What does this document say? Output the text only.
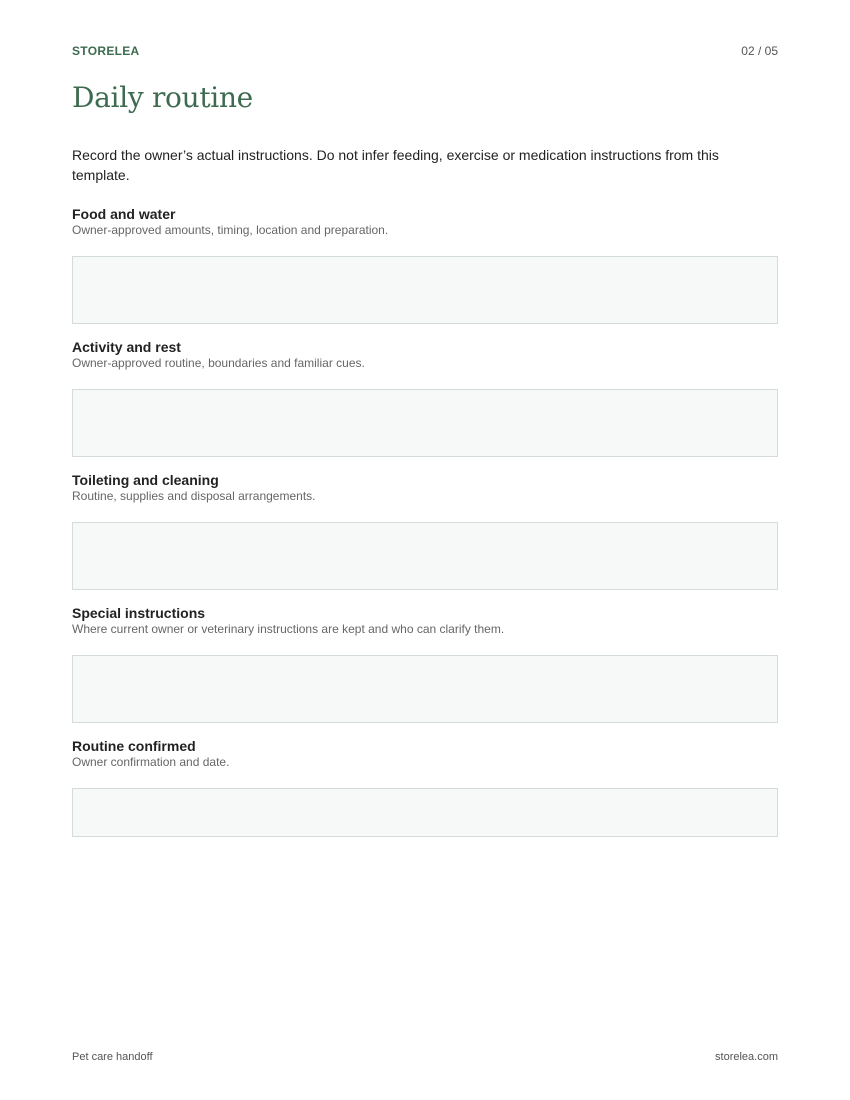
STORELEA	02 / 05
Daily routine

Record the owner’s actual instructions. Do not infer feeding, exercise or medication instructions from this template.

Food and water
Owner-approved amounts, timing, location and preparation.
Activity and rest
Owner-approved routine, boundaries and familiar cues.
Toileting and cleaning
Routine, supplies and disposal arrangements.
Special instructions
Where current owner or veterinary instructions are kept and who can clarify them.
Routine confirmed
Owner confirmation and date.
Pet care handoff	storelea.com
